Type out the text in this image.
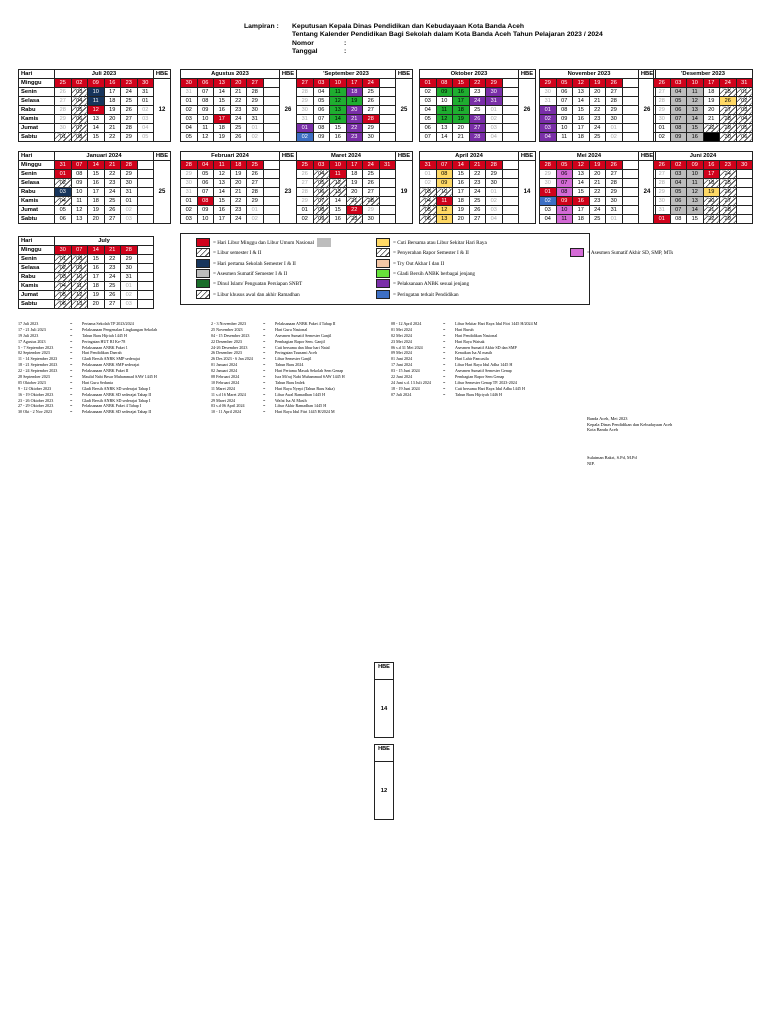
Lampiran : Keputusan Kepala Dinas Pendidikan dan Kebudayaan Kota Banda Aceh
Tentang Kalender Pendidikan Bagi Sekolah dalam Kota Banda Aceh Tahun Pelajaran 2023 / 2024
Nomor	:
Tanggal	:
Hari	Juli 2023						HBE
Minggu	25	02	09	16	23	30	12
Senin	26	03	10	17	24	31	
Selasa	27	04	11	18	25	01	
Rabu	28	05	12	19	26	02	
Kamis	29	06	13	20	27	03	
Jumat	30	07	14	21	28	04	
Sabtu	01	08	15	22	29	05	
Agustus 2023						HBE
30	06	13	20	27		26
31	07	14	21	28		
01	08	15	22	29		
02	09	16	23	30		
03	10	17	24	31		
04	11	18	25	01		
05	12	19	26	02		
'September 2023						HBE
27	03	10	17	24		25
28	04	11	18	25		
29	05	12	19	26		
30	06	13	20	27		
31	07	14	21	28		
01	08	15	22	29		
02	09	16	23	30		
Oktober 2023						HBE
01	08	15	22	29		26
02	09	16	23	30		
03	10	17	24	31		
04	11	18	25	01		
05	12	19	26	02		
06	13	20	27	03		
07	14	21	28	04		
November 2023						HBE
29	05	12	19	26		26
30	06	13	20	27		
31	07	14	21	28		
01	08	15	22	29		
02	09	16	23	30		
03	10	17	24	01		
04	11	18	25	02		
'Desember 2023					
26	03	10	17	24	31
27	04	11	18	25	01
28	05	12	19	26	02
29	06	13	20	27	03
30	07	14	21	28	04
01	08	15	22	29	05
02	09	16	23	30	06
Hari	Januari 2024						HBE
Minggu	31	07	14	21	28		25
Senin	01	08	15	22	29		
Selasa	02	09	16	23	30		
Rabu	03	10	17	24	31		
Kamis	04	11	18	25	01		
Jumat	05	12	19	26	02		
Sabtu	06	13	20	27	03		
Februari 2024						HBE
28	04	11	18	25		23
29	05	12	19	26		
30	06	13	20	27		
31	07	14	21	28		
01	08	15	22	29		
02	09	16	23	01		
03	10	17	24	02		
Maret 2024						HBE
25	03	10	17	24	31	19
26	04	11	18	25		
27	05	12	19	26		
28	06	13	20	27		
29	07	14	21	28		
01	08	15	22	29		
02	09	16	23	30		
April 2024						HBE
31	07	14	21	28		14
01	08	15	22	29		
02	09	16	23	30		
03	10	17	24	01		
04	11	18	25	02		
05	12	19	26	03		
06	13	20	27	04		
Mei 2024						HBE
28	05	12	19	26		24
29	06	13	20	27		
30	07	14	21	28		
01	08	15	22	29		
02	09	16	23	30		
03	10	17	24	31		
04	11	18	25	01		
Juni 2024					
26	02	09	16	23	30
27	03	10	17	24	
28	04	11	18	25	
29	05	12	19	26	
30	06	13	20	27	
31	07	14	21	28	
01	08	15	22	29	
Hari	July					
Minggu	30	07	14	21	28	
Senin	01	08	15	22	29	
Selasa	02	09	16	23	30	
Rabu	03	10	17	24	31	
Kamis	04	11	18	25	01	
Jumat	05	12	19	26	02	
Sabtu	06	13	20	27	03	
= Hari Libur Minggu dan Libur Umum Nasional
= Libur semester I & II
= Hari pertama Sekolah Semester I & II
= Asesmen Sumatif Semester I & II
= Dinul Islam/ Penguatan Persiapan SNBT
= Libur khusus awal dan akhir Ramadhan
= Cuti Bersama atau Libur Sekitar Hari Raya
= Penyerahan Rapor Semester I & II
= Try Out Akhar I dan II
= Gladi Bersih ANBK berbagai jenjang
= Pelaksanaan ANBK sesuai jenjang
= Peringatan terkait Pendidikan
= Asesmen Sumatif Akhir SD, SMP, MTs
17 Juli 2023	=	Pertama Sekolah TP 2023/2024
17 - 21 Juli 2023	=	Pelaksanaan Pengenalan Lingkungan Sekolah
19 Juli 2023	=	Tahun Baru Hijriah 1445 H
17 Agustus 2023	=	Peringatan HUT RI Ke-78
5 - 7 September 2023	=	Pelaksanaan ANBK Paket 1
02 September 2023	=	Hari Pendidikan Daerah
11 - 14 September 2023	=	Gladi Bersih ANBK SMP sederajat
18 - 21 September 2023	=	Pelaksanaan ANBK SMP sederajat
22 - 24 September 2023	=	Pelaksanaan ANBK Paket II
28 September 2023	=	Maulid Nabi Besar Muhammad SAW 1445 H
05 Oktober 2023	=	Hari Guru Sedunia
9 - 12 Oktober 2023	=	Gladi Bersih ANBK SD sederajat Tahap I
16 - 19 Oktober 2023	=	Pelaksanaan ANBK SD sederajat Tahap II
23 - 26 Oktober 2023	=	Gladi Bersih ANBK SD sederajat Tahap I
27 - 29 Oktober 2023	=	Pelaksanaan ANBK Paket 4 Tahap I
30 Okt - 2 Nov 2023	=	Pelaksanaan ANBK SD sederajat Tahap II
2 - 3 November 2023	=	Pelaksanaan ANBK Paket 4 Tahap II
25 November 2023	=	Hari Guru Nasional
04 - 15 Desember 2023	=	Asesmen Sumatif Semester Ganjil
22 Desember 2023	=	Pembagian Rapor Sem. Ganjil
24-26 Desember 2023	=	Cuti bersama dan libur hari Natal
26 Desember 2023	=	Peringatan Tsunami Aceh
26 Des 2023 - 6 Jan 2024	=	Libur Semester Ganjil
01 Januari 2024	=	Tahun Baru 2024
02 Januari 2024	=	Hari Pertama Masuk Sekolah Sem Genap
08 Februari 2024	=	Isra Mi'raj Nabi Muhammad SAW 1445 H
10 Februari 2024	=	Tahun Baru Imlek
11 Maret 2024	=	Hari Raya Nyepi (Tahun Baru Saka)
11 s.d 16 Maret 2024	=	Libur Awal Ramadhan 1445 H
29 Maret 2024	=	Wafat Isa Al Masih
03 s.d 06 April 2024	=	Libur Akhir Ramadhan 1445 H
10 - 11 April 2024	=	Hari Raya Idul Fitri 1445 H/2024 M
08 - 12 April 2024	=	Libur Sekitar Hari Raya Idul Fitri 1445 H/2024 M
01 Mei 2024	=	Hari Buruh
02 Mei 2024	=	Hari Pendidikan Nasional
23 Mei 2024	=	Hari Raya Waisak
06 s.d 31 Mei 2024	=	Asesmen Sumatif Akhir SD dan SMP
09 Mei 2024	=	Kenaikan Isa Al masih
01 Juni 2024	=	Hari Lahir Pancasila
17 Juni 2024	=	Libur Hari Raya Idul Adha 1445 H
03 - 15 Juni 2024	=	Asesmen Sumatif Semester Genap
22 Juni 2024	=	Pembagian Rapor Sem Genap
24 Juni s.d. 13 Juli 2024	=	Libur Semester Genap TP. 2023-2024
18 - 19 Juni 2024	=	Cuti bersama Hari Raya Idul Adha 1445 H
07 Juli 2024	=	Tahun Baru Hijriyah 1446 H
Banda Aceh, Mei 2023
Kepala Dinas Pendidikan dan Kebudayaan Aceh
Kota Banda Aceh
Sulaiman Bakri, S.Pd, M.Pd
NIP.
HBE
14
HBE
12
